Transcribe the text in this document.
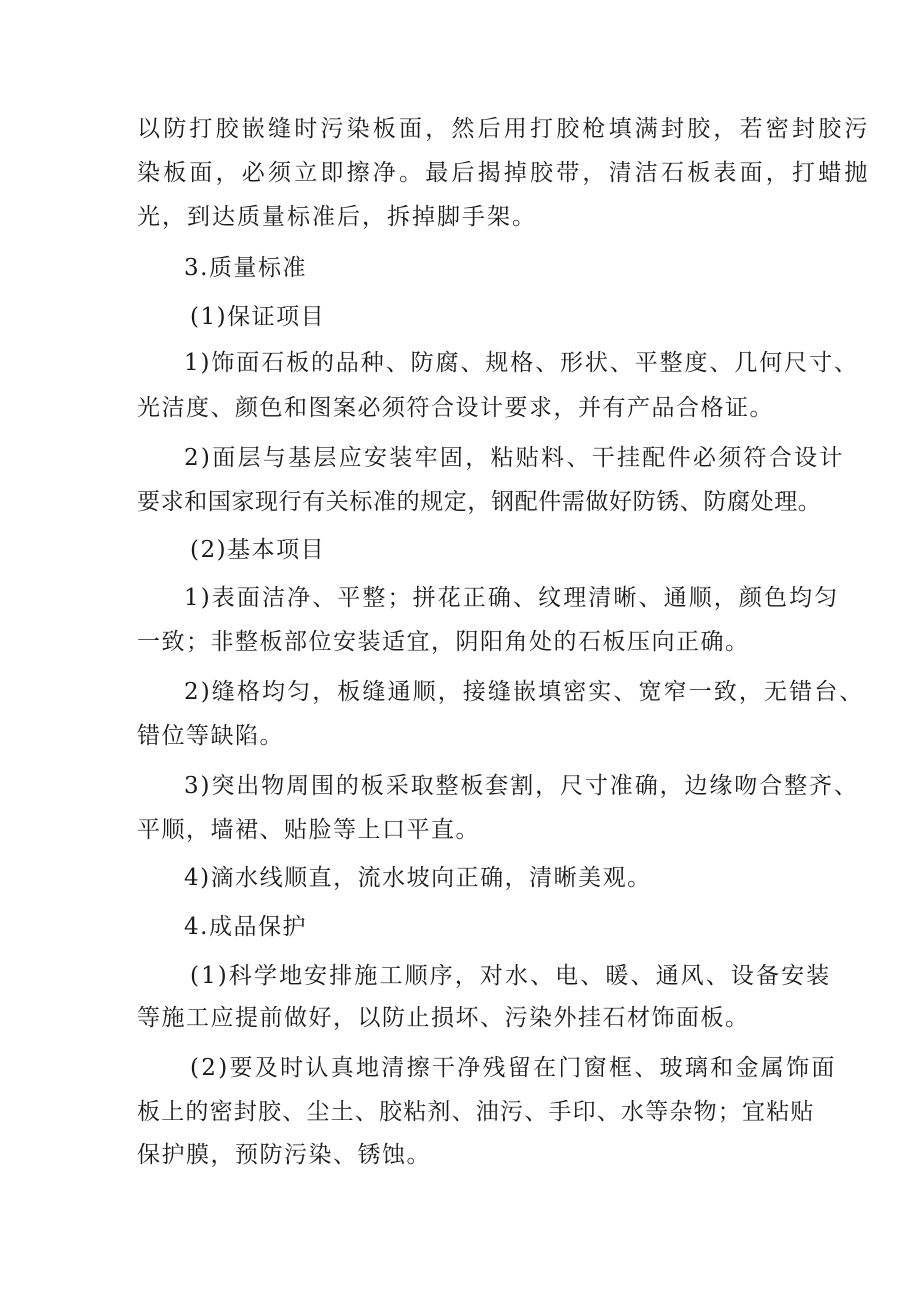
以防打胶嵌缝时污染板面，然后用打胶枪填满封胶，若密封胶污
染板面，必须立即擦净。最后揭掉胶带，清洁石板表面，打蜡抛
光，到达质量标准后，拆掉脚手架。
3.质量标准
(1)保证项目
1)饰面石板的品种、防腐、规格、形状、平整度、几何尺寸、
光洁度、颜色和图案必须符合设计要求，并有产品合格证。
2)面层与基层应安装牢固，粘贴料、干挂配件必须符合设计
要求和国家现行有关标准的规定，钢配件需做好防锈、防腐处理。
(2)基本项目
1)表面洁净、平整；拼花正确、纹理清晰、通顺，颜色均匀
一致；非整板部位安装适宜，阴阳角处的石板压向正确。
2)缝格均匀，板缝通顺，接缝嵌填密实、宽窄一致，无错台、
错位等缺陷。
3)突出物周围的板采取整板套割，尺寸准确，边缘吻合整齐、
平顺，墙裙、贴脸等上口平直。
4)滴水线顺直，流水坡向正确，清晰美观。
4.成品保护
(1)科学地安排施工顺序，对水、电、暖、通风、设备安装
等施工应提前做好，以防止损坏、污染外挂石材饰面板。
(2)要及时认真地清擦干净残留在门窗框、玻璃和金属饰面
板上的密封胶、尘土、胶粘剂、油污、手印、水等杂物；宜粘贴
保护膜，预防污染、锈蚀。
